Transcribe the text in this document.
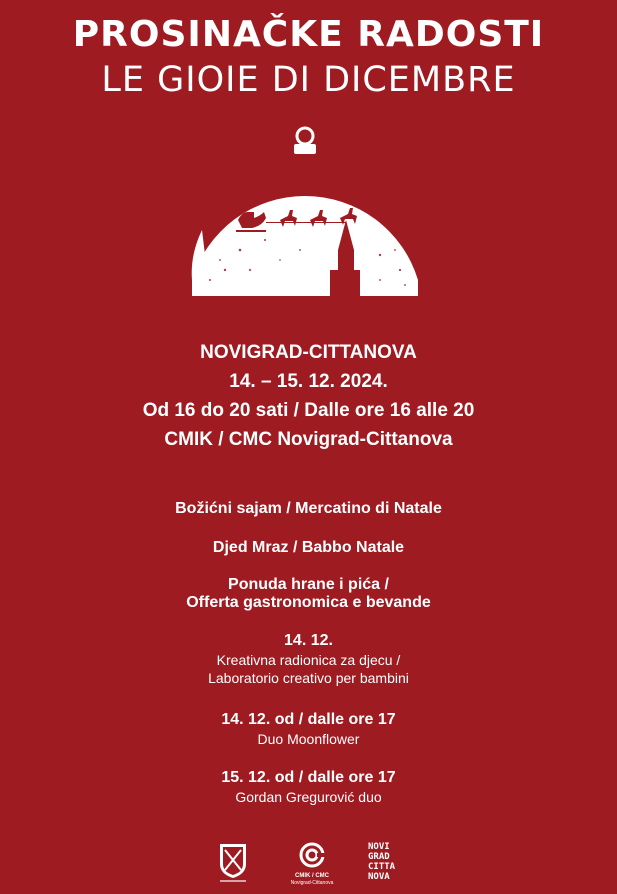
PROSINAČKE RADOSTI
LE GIOIE DI DICEMBRE
NOVIGRAD-CITTANOVA
14. – 15. 12. 2024.
Od 16 do 20 sati / Dalle ore 16 alle 20
CMIK / CMC Novigrad-Cittanova
Božićni sajam / Mercatino di Natale
Djed Mraz / Babbo Natale
Ponuda hrane i pića /
Offerta gastronomica e bevande
14. 12.
Kreativna radionica za djecu /
Laboratorio creativo per bambini
14. 12. od / dalle ore 17
Duo Moonflower
15. 12. od / dalle ore 17
Gordan Gregurović duo
CMIK / CMC
Novigrad-Cittanova
NOVI
GRAD
CITTA
NOVA
